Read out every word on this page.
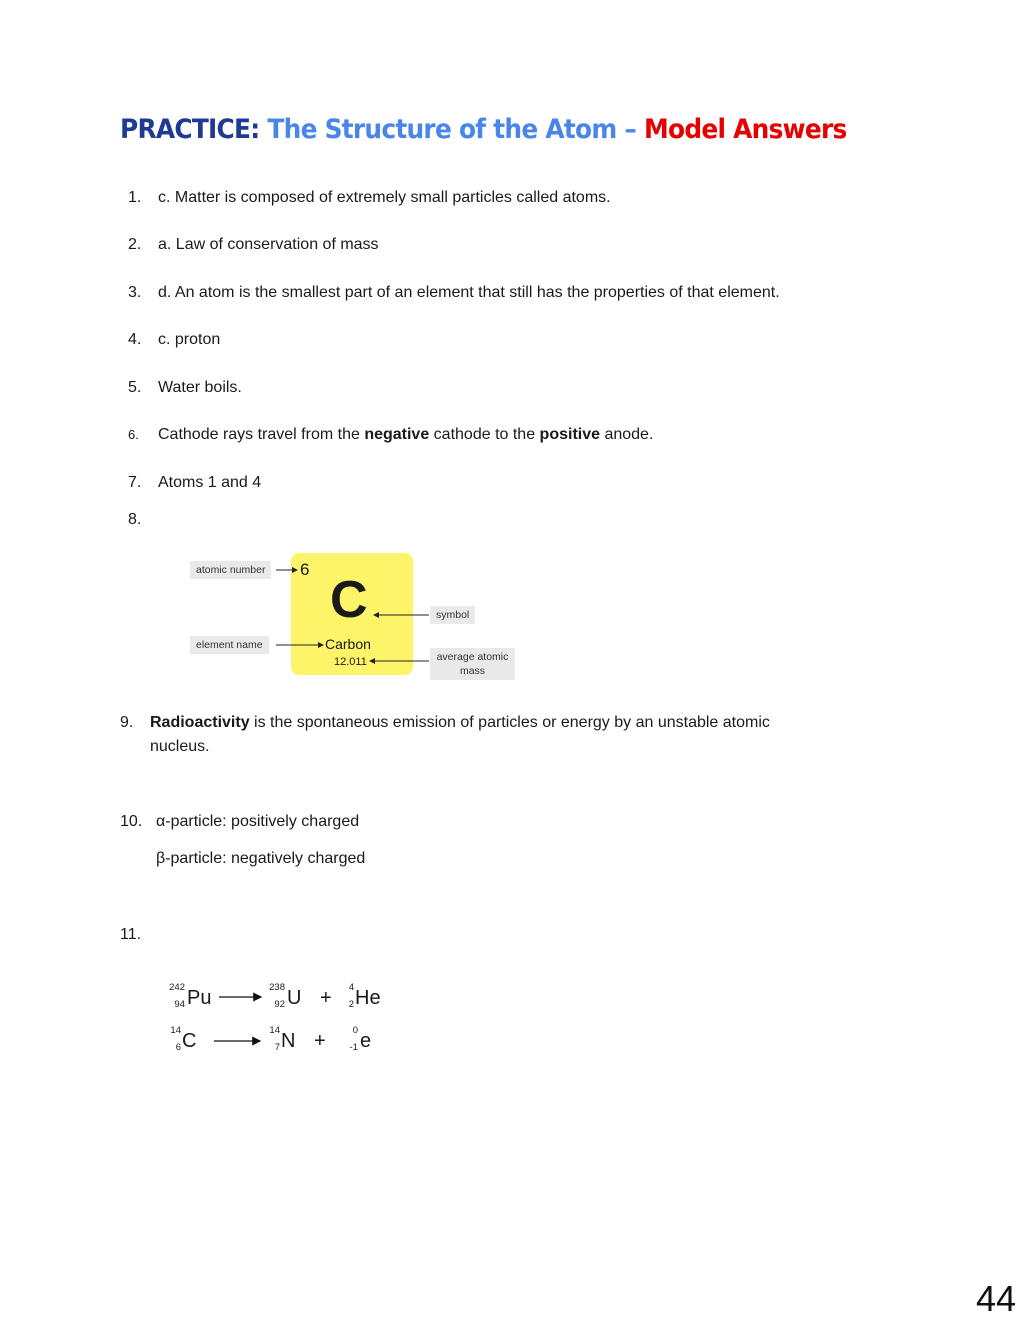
PRACTICE: The Structure of the Atom – Model Answers
1. c. Matter is composed of extremely small particles called atoms.
2. a. Law of conservation of mass
3. d. An atom is the smallest part of an element that still has the properties of that element.
4. c. proton
5. Water boils.
6. Cathode rays travel from the negative cathode to the positive anode.
7. Atoms 1 and 4
8.
6
C
Carbon
12.011
atomic number
element name
symbol
average atomic
mass
9. Radioactivity is the spontaneous emission of particles or energy by an unstable atomic
nucleus.
10. α-particle: positively charged
β-particle: negatively charged
11.
242
94 Pu	238
92 U +	4
2 He
14
6 C	14
7 N +	0
-1 e
44
